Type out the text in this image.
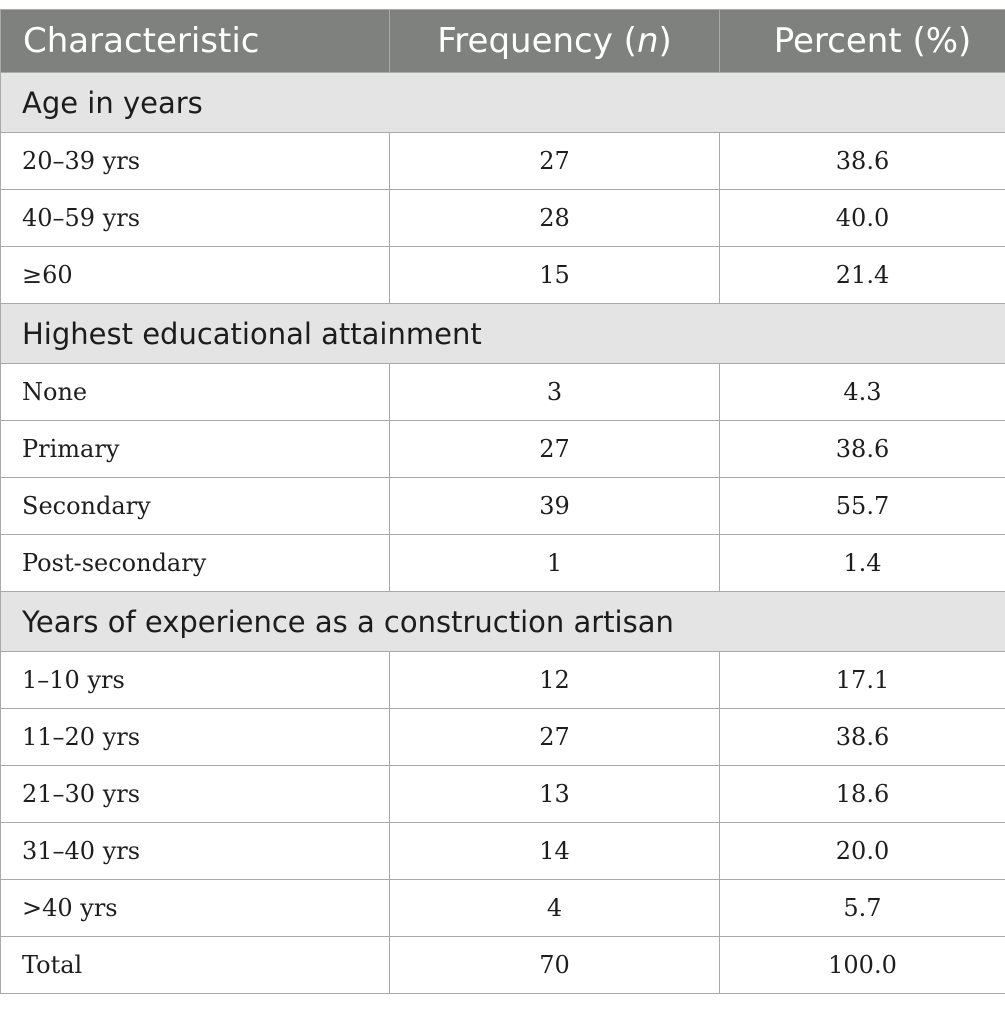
Characteristic	Frequency (n)	Percent (%)
Age in years		
20–39 yrs	27	38.6
40–59 yrs	28	40.0
≥60	15	21.4
Highest educational attainment		
None	3	4.3
Primary	27	38.6
Secondary	39	55.7
Post-secondary	1	1.4
Years of experience as a construction artisan		
1–10 yrs	12	17.1
11–20 yrs	27	38.6
21–30 yrs	13	18.6
31–40 yrs	14	20.0
>40 yrs	4	5.7
Total	70	100.0
